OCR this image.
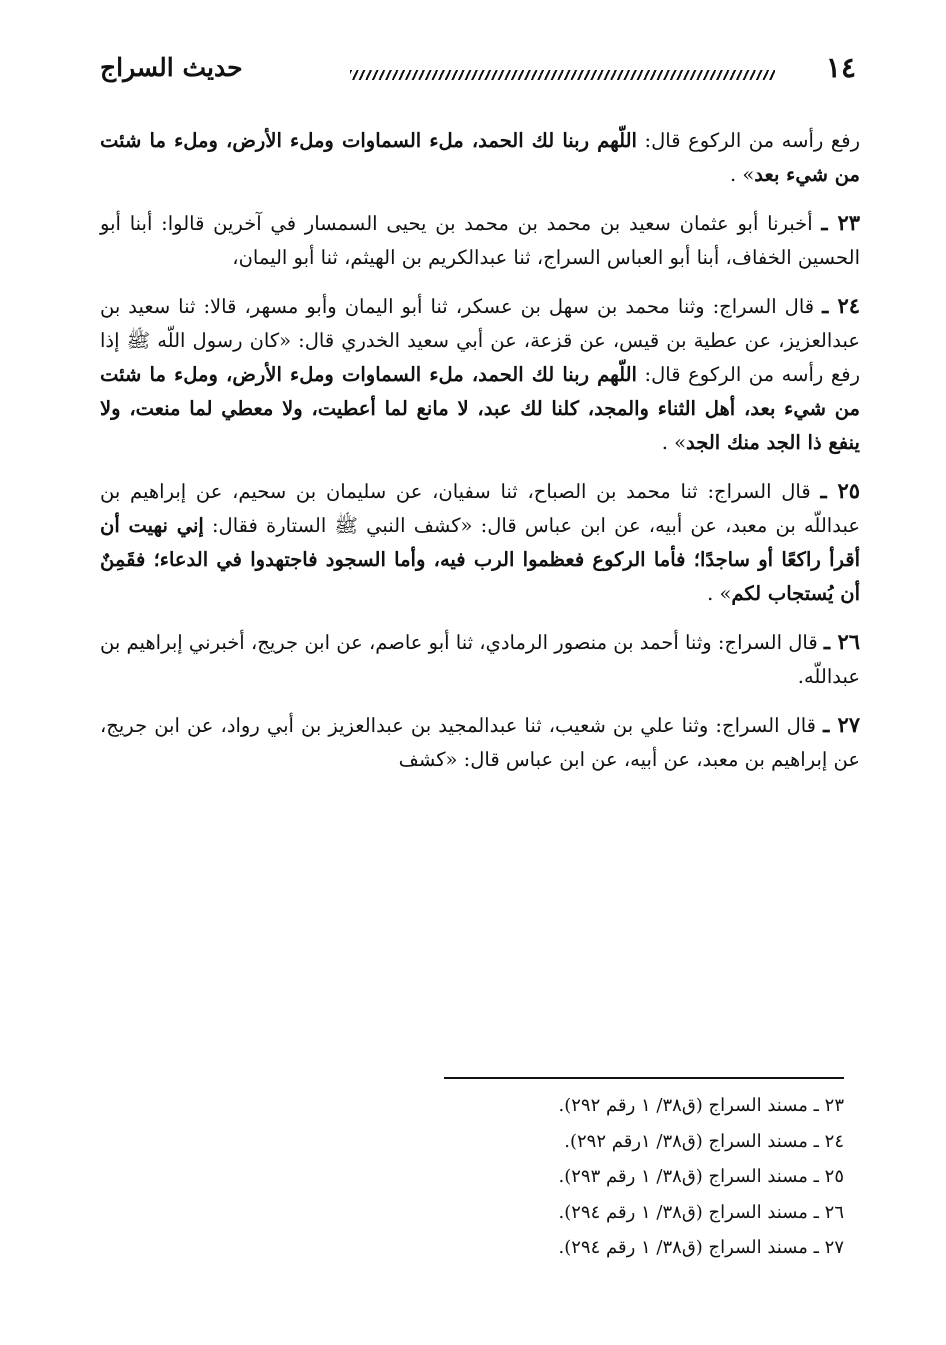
حديث السراج	١٤

رفع رأسه من الركوع قال: اللّهم ربنا لك الحمد، ملء السماوات وملء الأرض، وملء ما شئت من شيء بعد» .

٢٣ ـ أخبرنا أبو عثمان سعيد بن محمد بن محمد بن يحيى السمسار في آخرين قالوا: أبنا أبو الحسين الخفاف، أبنا أبو العباس السراج، ثنا عبدالكريم بن الهيثم، ثنا أبو اليمان،

٢٤ ـ قال السراج: وثنا محمد بن سهل بن عسكر، ثنا أبو اليمان وأبو مسهر، قالا: ثنا سعيد بن عبدالعزيز، عن عطية بن قيس، عن قزعة، عن أبي سعيد الخدري قال: «كان رسول اللّه ﷺ إذا رفع رأسه من الركوع قال: اللّهم ربنا لك الحمد، ملء السماوات وملء الأرض، وملء ما شئت من شيء بعد، أهل الثناء والمجد، كلنا لك عبد، لا مانع لما أعطيت، ولا معطي لما منعت، ولا ينفع ذا الجد منك الجد» .

٢٥ ـ قال السراج: ثنا محمد بن الصباح، ثنا سفيان، عن سليمان بن سحيم، عن إبراهيم بن عبداللّه بن معبد، عن أبيه، عن ابن عباس قال: «كشف النبي ﷺ الستارة فقال: إني نهيت أن أقرأ راكعًا أو ساجدًا؛ فأما الركوع فعظموا الرب فيه، وأما السجود فاجتهدوا في الدعاء؛ فقَمِنٌ أن يُستجاب لكم» .

٢٦ ـ قال السراج: وثنا أحمد بن منصور الرمادي، ثنا أبو عاصم، عن ابن جريج، أخبرني إبراهيم بن عبداللّه.

٢٧ ـ قال السراج: وثنا علي بن شعيب، ثنا عبدالمجيد بن عبدالعزيز بن أبي رواد، عن ابن جريج، عن إبراهيم بن معبد، عن أبيه، عن ابن عباس قال: «كشف

٢٣ ـ مسند السراج (ق٣٨/ ١ رقم ٢٩٢).
٢٤ ـ مسند السراج (ق٣٨/ ١رقم ٢٩٢).
٢٥ ـ مسند السراج (ق٣٨/ ١ رقم ٢٩٣).
٢٦ ـ مسند السراج (ق٣٨/ ١ رقم ٢٩٤).
٢٧ ـ مسند السراج (ق٣٨/ ١ رقم ٢٩٤).
